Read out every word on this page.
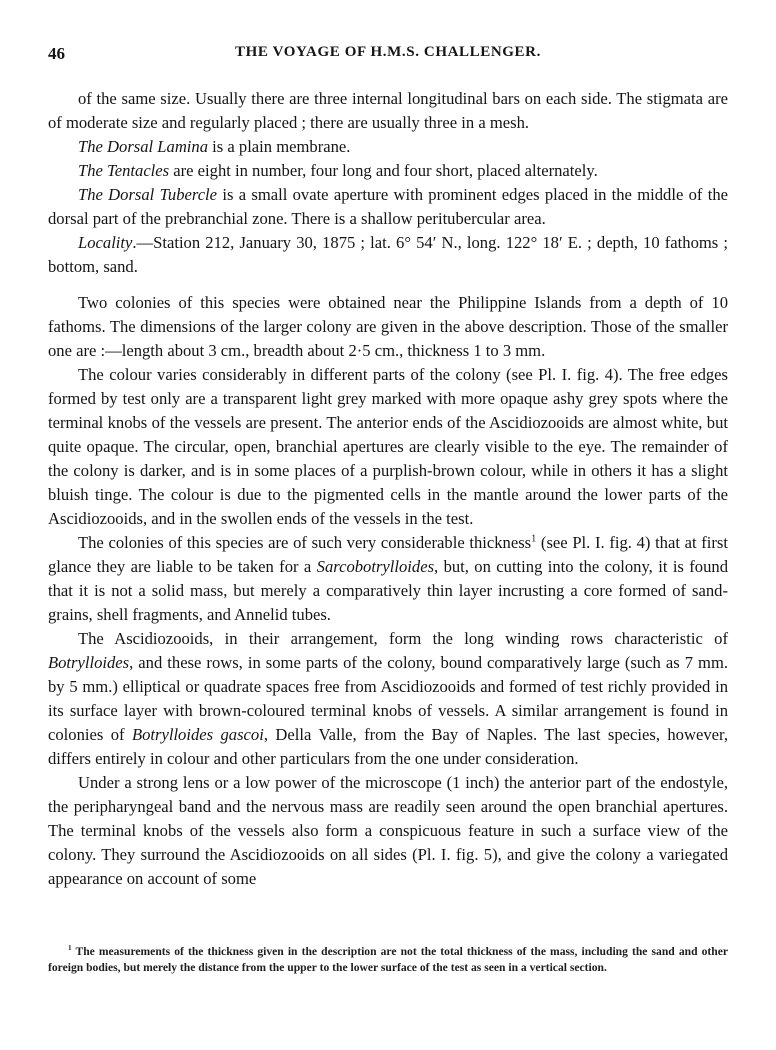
46	THE VOYAGE OF H.M.S. CHALLENGER.

of the same size. Usually there are three internal longitudinal bars on each side. The stigmata are of moderate size and regularly placed ; there are usually three in a mesh.

The Dorsal Lamina is a plain membrane.

The Tentacles are eight in number, four long and four short, placed alternately.

The Dorsal Tubercle is a small ovate aperture with prominent edges placed in the middle of the dorsal part of the prebranchial zone. There is a shallow peritubercular area.

Locality.—Station 212, January 30, 1875 ; lat. 6° 54′ N., long. 122° 18′ E. ; depth, 10 fathoms ; bottom, sand.

Two colonies of this species were obtained near the Philippine Islands from a depth of 10 fathoms. The dimensions of the larger colony are given in the above description. Those of the smaller one are :—length about 3 cm., breadth about 2·5 cm., thickness 1 to 3 mm.

The colour varies considerably in different parts of the colony (see Pl. I. fig. 4). The free edges formed by test only are a transparent light grey marked with more opaque ashy grey spots where the terminal knobs of the vessels are present. The anterior ends of the Ascidiozooids are almost white, but quite opaque. The circular, open, branchial apertures are clearly visible to the eye. The remainder of the colony is darker, and is in some places of a purplish-brown colour, while in others it has a slight bluish tinge. The colour is due to the pigmented cells in the mantle around the lower parts of the Ascidiozooids, and in the swollen ends of the vessels in the test.

The colonies of this species are of such very considerable thickness$^1$ (see Pl. I. fig. 4) that at first glance they are liable to be taken for a Sarcobotrylloides, but, on cutting into the colony, it is found that it is not a solid mass, but merely a comparatively thin layer incrusting a core formed of sand-grains, shell fragments, and Annelid tubes.

The Ascidiozooids, in their arrangement, form the long winding rows characteristic of Botrylloides, and these rows, in some parts of the colony, bound comparatively large (such as 7 mm. by 5 mm.) elliptical or quadrate spaces free from Ascidiozooids and formed of test richly provided in its surface layer with brown-coloured terminal knobs of vessels. A similar arrangement is found in colonies of Botrylloides gascoi, Della Valle, from the Bay of Naples. The last species, however, differs entirely in colour and other particulars from the one under consideration.

Under a strong lens or a low power of the microscope (1 inch) the anterior part of the endostyle, the peripharyngeal band and the nervous mass are readily seen around the open branchial apertures. The terminal knobs of the vessels also form a conspicuous feature in such a surface view of the colony. They surround the Ascidiozooids on all sides (Pl. I. fig. 5), and give the colony a variegated appearance on account of some

$^1$ The measurements of the thickness given in the description are not the total thickness of the mass, including the sand and other foreign bodies, but merely the distance from the upper to the lower surface of the test as seen in a vertical section.
